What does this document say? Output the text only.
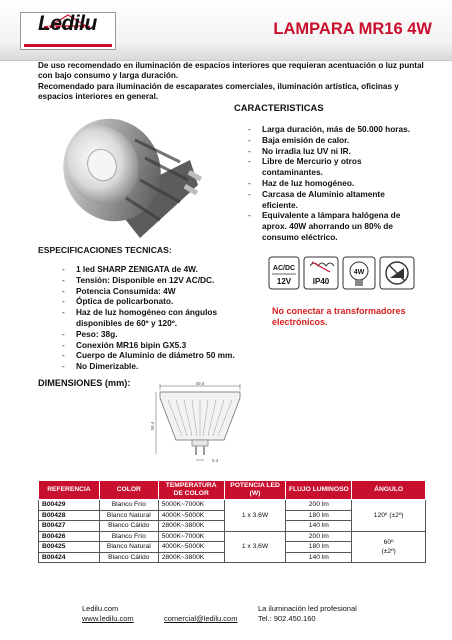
Ledilu	LAMPARA MR16 4W

De uso recomendado en iluminación de espacios interiores que requieran acentuación o luz puntal con bajo consumo y larga duración.

Recomendado para iluminación de escaparates comerciales, iluminación artística, oficinas y espacios interiores en general.

CARACTERISTICAS
- Larga duración, más de 50.000 horas.
- Baja emisión de calor.
- No irradia luz UV ni IR.
- Libre de Mercurio y otros contaminantes.
- Haz de luz homogéneo.
- Carcasa de Aluminio altamente eficiente.
- Equivalente a lámpara halógena de aprox. 40W ahorrando un 80% de consumo eléctrico.
ESPECIFICACIONES TECNICAS:
- 1 led SHARP ZENIGATA de 4W.
- Tensión: Disponible en 12V AC/DC.
- Potencia Consumida: 4W
- Óptica de policarbonato.
- Haz de luz homogéneo con ángulos disponibles de 60º y 120º.
- Peso: 38g.
- Conexión MR16 bipin GX5.3
- Cuerpo de Aluminio de diámetro 50 mm.
- No Dimerizable.
AC/DC
12V	IP40
4W
No conectar a transformadores electrónicos.
DIMENSIONES (mm):	49.5
58.4
5.3
REFERENCIA	COLOR	TEMPERATURA DE COLOR	POTENCIA LED (W)	FLUJO LUMINOSO	ÁNGULO
B00429	Blanco Frío	5000K~7000K	1 x 3.6W	200 lm	120º (±2º)
B00428	Blanco Natural	4000K~5000K		180 lm	
B00427	Blanco Cálido	2800K~3800K		140 lm	
B00426	Blanco Frío	5000K~7000K	1 x 3.6W	200 lm	60º
(±2º)

B00425	Blanco Natural	4000K~5000K		180 lm	
B00424	Blanco Cálido	2800K~3800K		140 lm	
Ledilu.com
www.ledilu.com	comercial@ledilu.com
La iluminación led profesional
Tel.: 902.450.160
